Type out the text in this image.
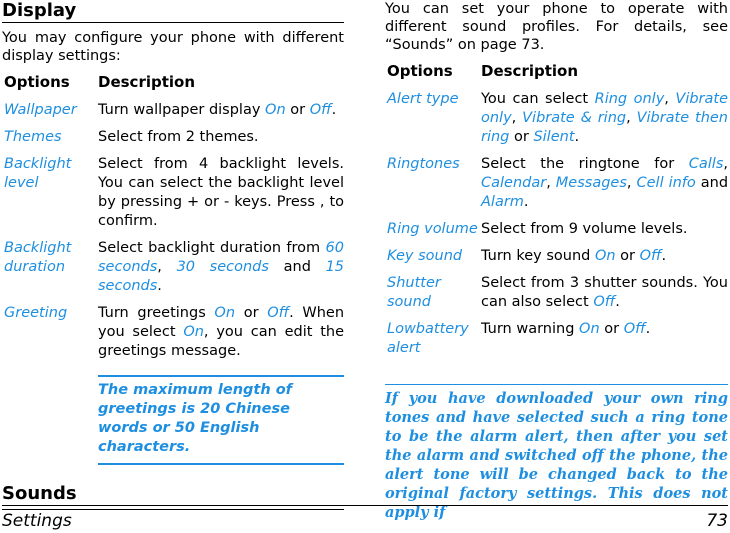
Display

You may configure your phone with different display settings:

Options	Description
Wallpaper	Turn wallpaper display On or Off.
Themes	Select from 2 themes.
Backlight level	Select from 4 backlight levels. You can select the backlight level by pressing + or - keys. Press , to confirm.
Backlight duration	Select backlight duration from 60 seconds, 30 seconds and 15 seconds.
Greeting	Turn greetings On or Off. When you select On, you can edit the greetings message.
The maximum length of greetings is 20 Chinese words or 50 English characters.
Sounds

You can set your phone to operate with different sound profiles. For details, see “Sounds” on page 73.

Options	Description
Alert type	You can select Ring only, Vibrate only, Vibrate & ring, Vibrate then ring or Silent.
Ringtones	Select the ringtone for Calls, Calendar, Messages, Cell info and Alarm.
Ring volume	Select from 9 volume levels.
Key sound	Turn key sound On or Off.
Shutter sound	Select from 3 shutter sounds. You can also select Off.
Lowbattery alert	Turn warning On or Off.
If you have downloaded your own ring tones and have selected such a ring tone to be the alarm alert, then after you set the alarm and switched off the phone, the alert tone will be changed back to the original factory settings. This does not apply if
Settings	73
